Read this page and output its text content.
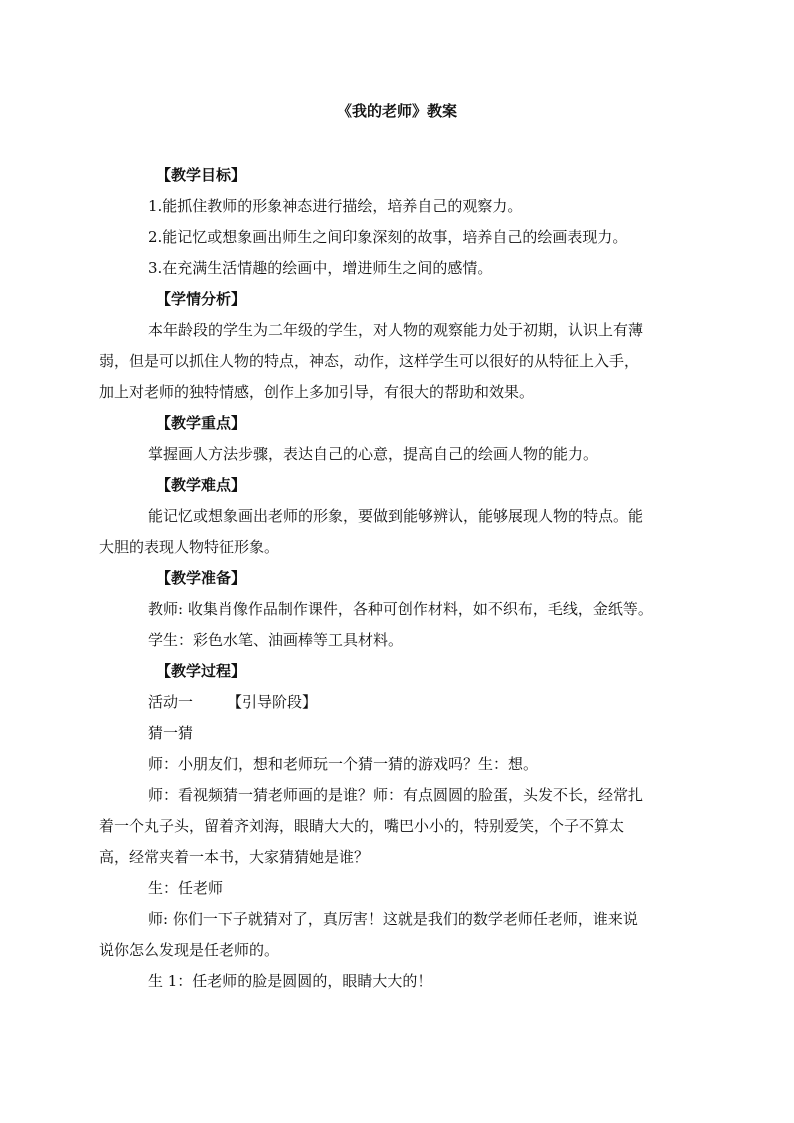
《我的老师》教案
【教学目标】
1.能抓住教师的形象神态进行描绘，培养自己的观察力。
2.能记忆或想象画出师生之间印象深刻的故事，培养自己的绘画表现力。
3.在充满生活情趣的绘画中，增进师生之间的感情。
【学情分析】
本年龄段的学生为二年级的学生，对人物的观察能力处于初期，认识上有薄
弱，但是可以抓住人物的特点，神态，动作，这样学生可以很好的从特征上入手，
加上对老师的独特情感，创作上多加引导，有很大的帮助和效果。
【教学重点】
掌握画人方法步骤，表达自己的心意，提高自己的绘画人物的能力。
【教学难点】
能记忆或想象画出老师的形象，要做到能够辨认，能够展现人物的特点。能
大胆的表现人物特征形象。
【教学准备】
教师: 收集肖像作品制作课件，各种可创作材料，如不织布，毛线，金纸等。
学生：彩色水笔、油画棒等工具材料。
【教学过程】
活动一 【引导阶段】
猜一猜
师：小朋友们，想和老师玩一个猜一猜的游戏吗？生：想。
师：看视频猜一猜老师画的是谁？师：有点圆圆的脸蛋，头发不长，经常扎
着一个丸子头，留着齐刘海，眼睛大大的，嘴巴小小的，特别爱笑，个子不算太
高，经常夹着一本书，大家猜猜她是谁？
生：任老师
师: 你们一下子就猜对了，真厉害！这就是我们的数学老师任老师，谁来说
说你怎么发现是任老师的。
生 1：任老师的脸是圆圆的，眼睛大大的！
